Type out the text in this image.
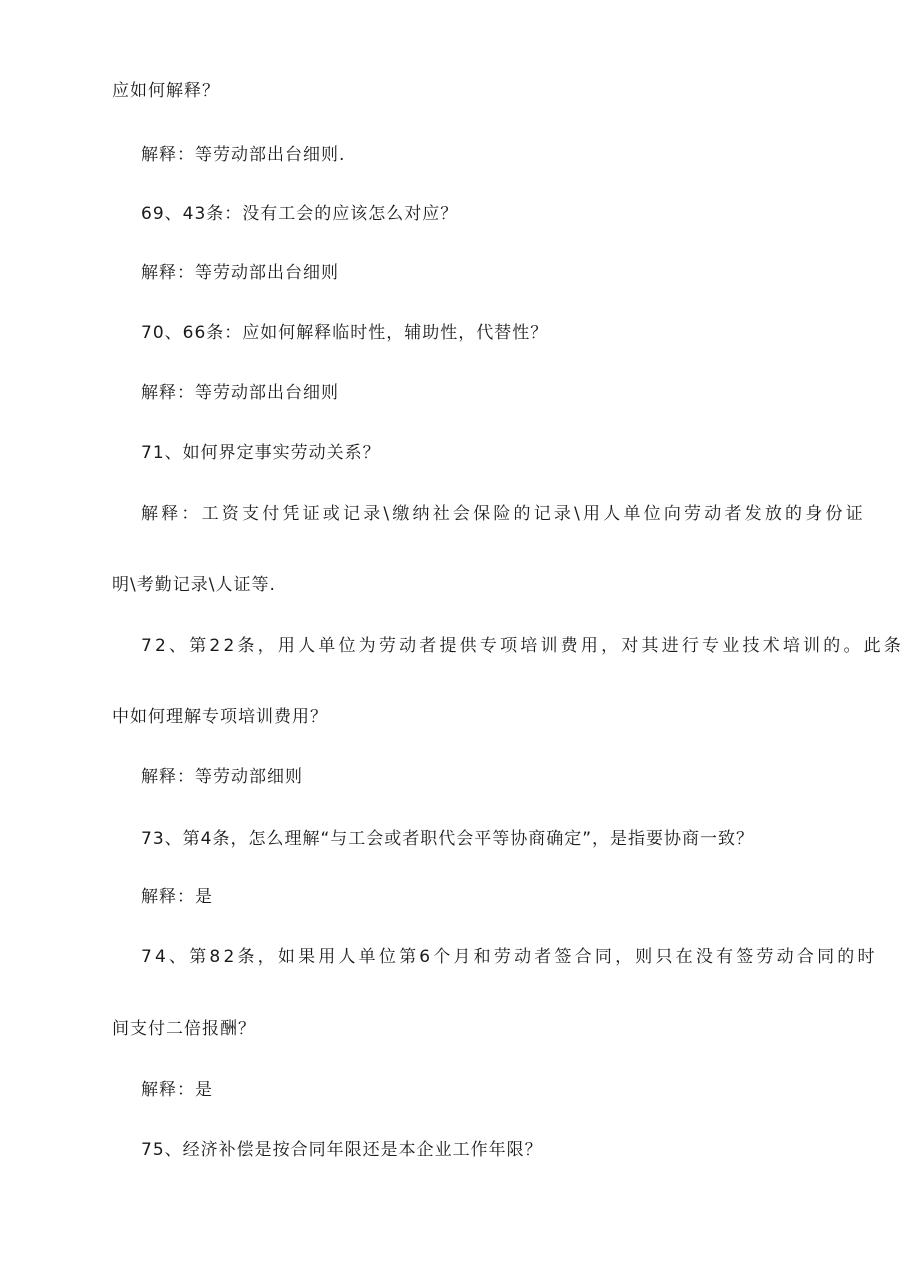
应如何解释？
解释：等劳动部出台细则.
69、43条：没有工会的应该怎么对应？
解释：等劳动部出台细则
70、66条：应如何解释临时性，辅助性，代替性？
解释：等劳动部出台细则
71、如何界定事实劳动关系？
解释：工资支付凭证或记录\缴纳社会保险的记录\用人单位向劳动者发放的身份证
明\考勤记录\人证等.
72、第22条，用人单位为劳动者提供专项培训费用，对其进行专业技术培训的。此条
中如何理解专项培训费用？
解释：等劳动部细则
73、第4条，怎么理解“与工会或者职代会平等协商确定”，是指要协商一致？
解释：是
74、第82条，如果用人单位第6个月和劳动者签合同，则只在没有签劳动合同的时
间支付二倍报酬？
解释：是
75、经济补偿是按合同年限还是本企业工作年限？
